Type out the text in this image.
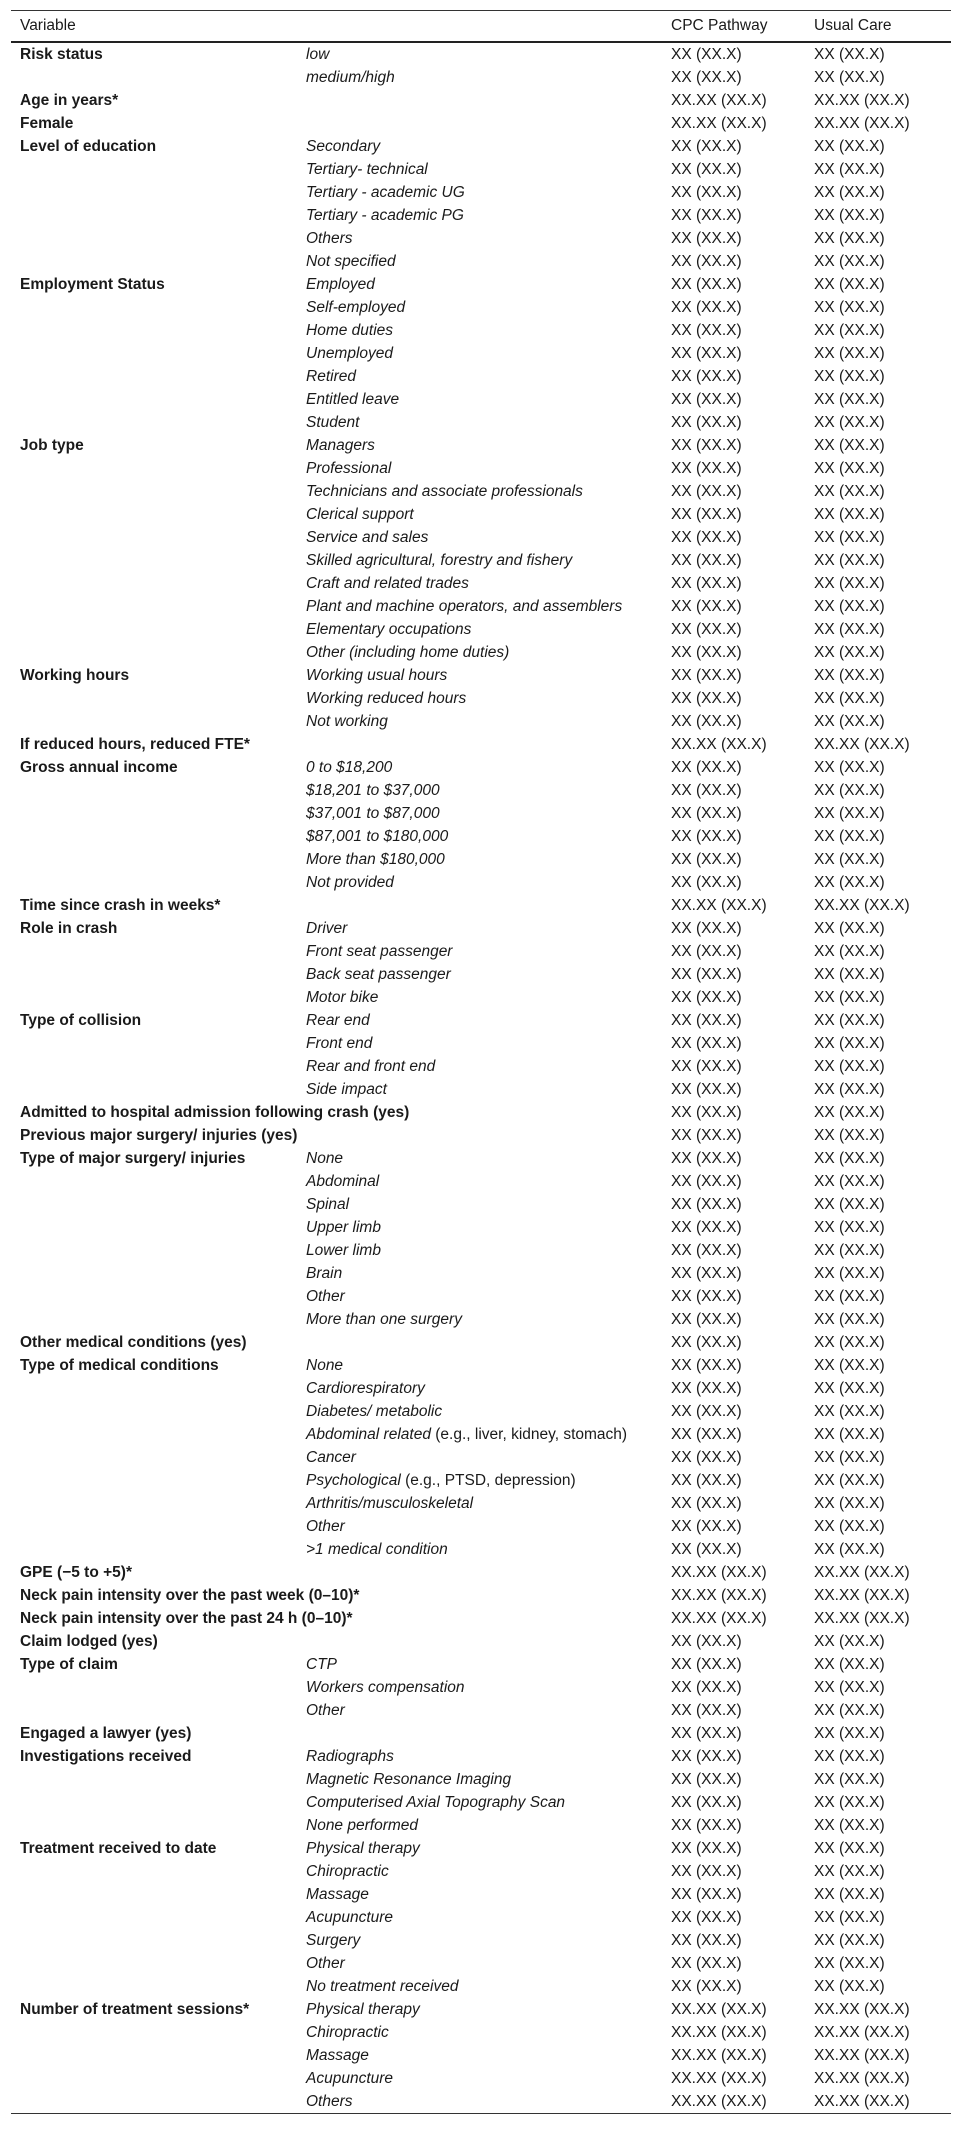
Variable		CPC Pathway	Usual Care
Risk status	low	XX (XX.X)	XX (XX.X)
	medium/high	XX (XX.X)	XX (XX.X)
Age in years*		XX.XX (XX.X)	XX.XX (XX.X)
Female		XX.XX (XX.X)	XX.XX (XX.X)
Level of education	Secondary	XX (XX.X)	XX (XX.X)
	Tertiary- technical	XX (XX.X)	XX (XX.X)
	Tertiary - academic UG	XX (XX.X)	XX (XX.X)
	Tertiary - academic PG	XX (XX.X)	XX (XX.X)
	Others	XX (XX.X)	XX (XX.X)
	Not specified	XX (XX.X)	XX (XX.X)
Employment Status	Employed	XX (XX.X)	XX (XX.X)
	Self-employed	XX (XX.X)	XX (XX.X)
	Home duties	XX (XX.X)	XX (XX.X)
	Unemployed	XX (XX.X)	XX (XX.X)
	Retired	XX (XX.X)	XX (XX.X)
	Entitled leave	XX (XX.X)	XX (XX.X)
	Student	XX (XX.X)	XX (XX.X)
Job type	Managers	XX (XX.X)	XX (XX.X)
	Professional	XX (XX.X)	XX (XX.X)
	Technicians and associate professionals	XX (XX.X)	XX (XX.X)
	Clerical support	XX (XX.X)	XX (XX.X)
	Service and sales	XX (XX.X)	XX (XX.X)
	Skilled agricultural, forestry and fishery	XX (XX.X)	XX (XX.X)
	Craft and related trades	XX (XX.X)	XX (XX.X)
	Plant and machine operators, and assemblers	XX (XX.X)	XX (XX.X)
	Elementary occupations	XX (XX.X)	XX (XX.X)
	Other (including home duties)	XX (XX.X)	XX (XX.X)
Working hours	Working usual hours	XX (XX.X)	XX (XX.X)
	Working reduced hours	XX (XX.X)	XX (XX.X)
	Not working	XX (XX.X)	XX (XX.X)
If reduced hours, reduced FTE*		XX.XX (XX.X)	XX.XX (XX.X)
Gross annual income	0 to $18,200	XX (XX.X)	XX (XX.X)
	$18,201 to $37,000	XX (XX.X)	XX (XX.X)
	$37,001 to $87,000	XX (XX.X)	XX (XX.X)
	$87,001 to $180,000	XX (XX.X)	XX (XX.X)
	More than $180,000	XX (XX.X)	XX (XX.X)
	Not provided	XX (XX.X)	XX (XX.X)
Time since crash in weeks*		XX.XX (XX.X)	XX.XX (XX.X)
Role in crash	Driver	XX (XX.X)	XX (XX.X)
	Front seat passenger	XX (XX.X)	XX (XX.X)
	Back seat passenger	XX (XX.X)	XX (XX.X)
	Motor bike	XX (XX.X)	XX (XX.X)
Type of collision	Rear end	XX (XX.X)	XX (XX.X)
	Front end	XX (XX.X)	XX (XX.X)
	Rear and front end	XX (XX.X)	XX (XX.X)
	Side impact	XX (XX.X)	XX (XX.X)
Admitted to hospital admission following crash (yes)		XX (XX.X)	XX (XX.X)
Previous major surgery/ injuries (yes)		XX (XX.X)	XX (XX.X)
Type of major surgery/ injuries	None	XX (XX.X)	XX (XX.X)
	Abdominal	XX (XX.X)	XX (XX.X)
	Spinal	XX (XX.X)	XX (XX.X)
	Upper limb	XX (XX.X)	XX (XX.X)
	Lower limb	XX (XX.X)	XX (XX.X)
	Brain	XX (XX.X)	XX (XX.X)
	Other	XX (XX.X)	XX (XX.X)
	More than one surgery	XX (XX.X)	XX (XX.X)
Other medical conditions (yes)		XX (XX.X)	XX (XX.X)
Type of medical conditions	None	XX (XX.X)	XX (XX.X)
	Cardiorespiratory	XX (XX.X)	XX (XX.X)
	Diabetes/ metabolic	XX (XX.X)	XX (XX.X)
	Abdominal related (e.g., liver, kidney, stomach)	XX (XX.X)	XX (XX.X)
	Cancer	XX (XX.X)	XX (XX.X)
	Psychological (e.g., PTSD, depression)	XX (XX.X)	XX (XX.X)
	Arthritis/musculoskeletal	XX (XX.X)	XX (XX.X)
	Other	XX (XX.X)	XX (XX.X)
	>1 medical condition	XX (XX.X)	XX (XX.X)
GPE (−5 to +5)*		XX.XX (XX.X)	XX.XX (XX.X)
Neck pain intensity over the past week (0–10)*		XX.XX (XX.X)	XX.XX (XX.X)
Neck pain intensity over the past 24 h (0–10)*		XX.XX (XX.X)	XX.XX (XX.X)
Claim lodged (yes)		XX (XX.X)	XX (XX.X)
Type of claim	CTP	XX (XX.X)	XX (XX.X)
	Workers compensation	XX (XX.X)	XX (XX.X)
	Other	XX (XX.X)	XX (XX.X)
Engaged a lawyer (yes)		XX (XX.X)	XX (XX.X)
Investigations received	Radiographs	XX (XX.X)	XX (XX.X)
	Magnetic Resonance Imaging	XX (XX.X)	XX (XX.X)
	Computerised Axial Topography Scan	XX (XX.X)	XX (XX.X)
	None performed	XX (XX.X)	XX (XX.X)
Treatment received to date	Physical therapy	XX (XX.X)	XX (XX.X)
	Chiropractic	XX (XX.X)	XX (XX.X)
	Massage	XX (XX.X)	XX (XX.X)
	Acupuncture	XX (XX.X)	XX (XX.X)
	Surgery	XX (XX.X)	XX (XX.X)
	Other	XX (XX.X)	XX (XX.X)
	No treatment received	XX (XX.X)	XX (XX.X)
Number of treatment sessions*	Physical therapy	XX.XX (XX.X)	XX.XX (XX.X)
	Chiropractic	XX.XX (XX.X)	XX.XX (XX.X)
	Massage	XX.XX (XX.X)	XX.XX (XX.X)
	Acupuncture	XX.XX (XX.X)	XX.XX (XX.X)
	Others	XX.XX (XX.X)	XX.XX (XX.X)
